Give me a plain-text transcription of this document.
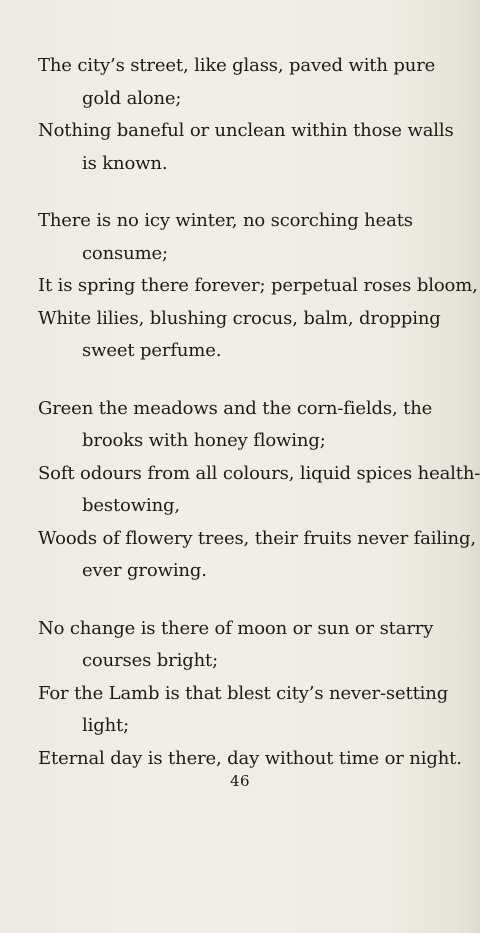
The city’s street, like glass, paved with pure
gold alone;
Nothing baneful or unclean within those walls
is known.
There is no icy winter, no scorching heats
consume;
It is spring there forever; perpetual roses bloom,
White lilies, blushing crocus, balm, dropping
sweet perfume.
Green the meadows and the corn-fields, the
brooks with honey flowing;
Soft odours from all colours, liquid spices health-
bestowing,
Woods of flowery trees, their fruits never failing,
ever growing.
No change is there of moon or sun or starry
courses bright;
For the Lamb is that blest city’s never-setting
light;
Eternal day is there, day without time or night.
46
